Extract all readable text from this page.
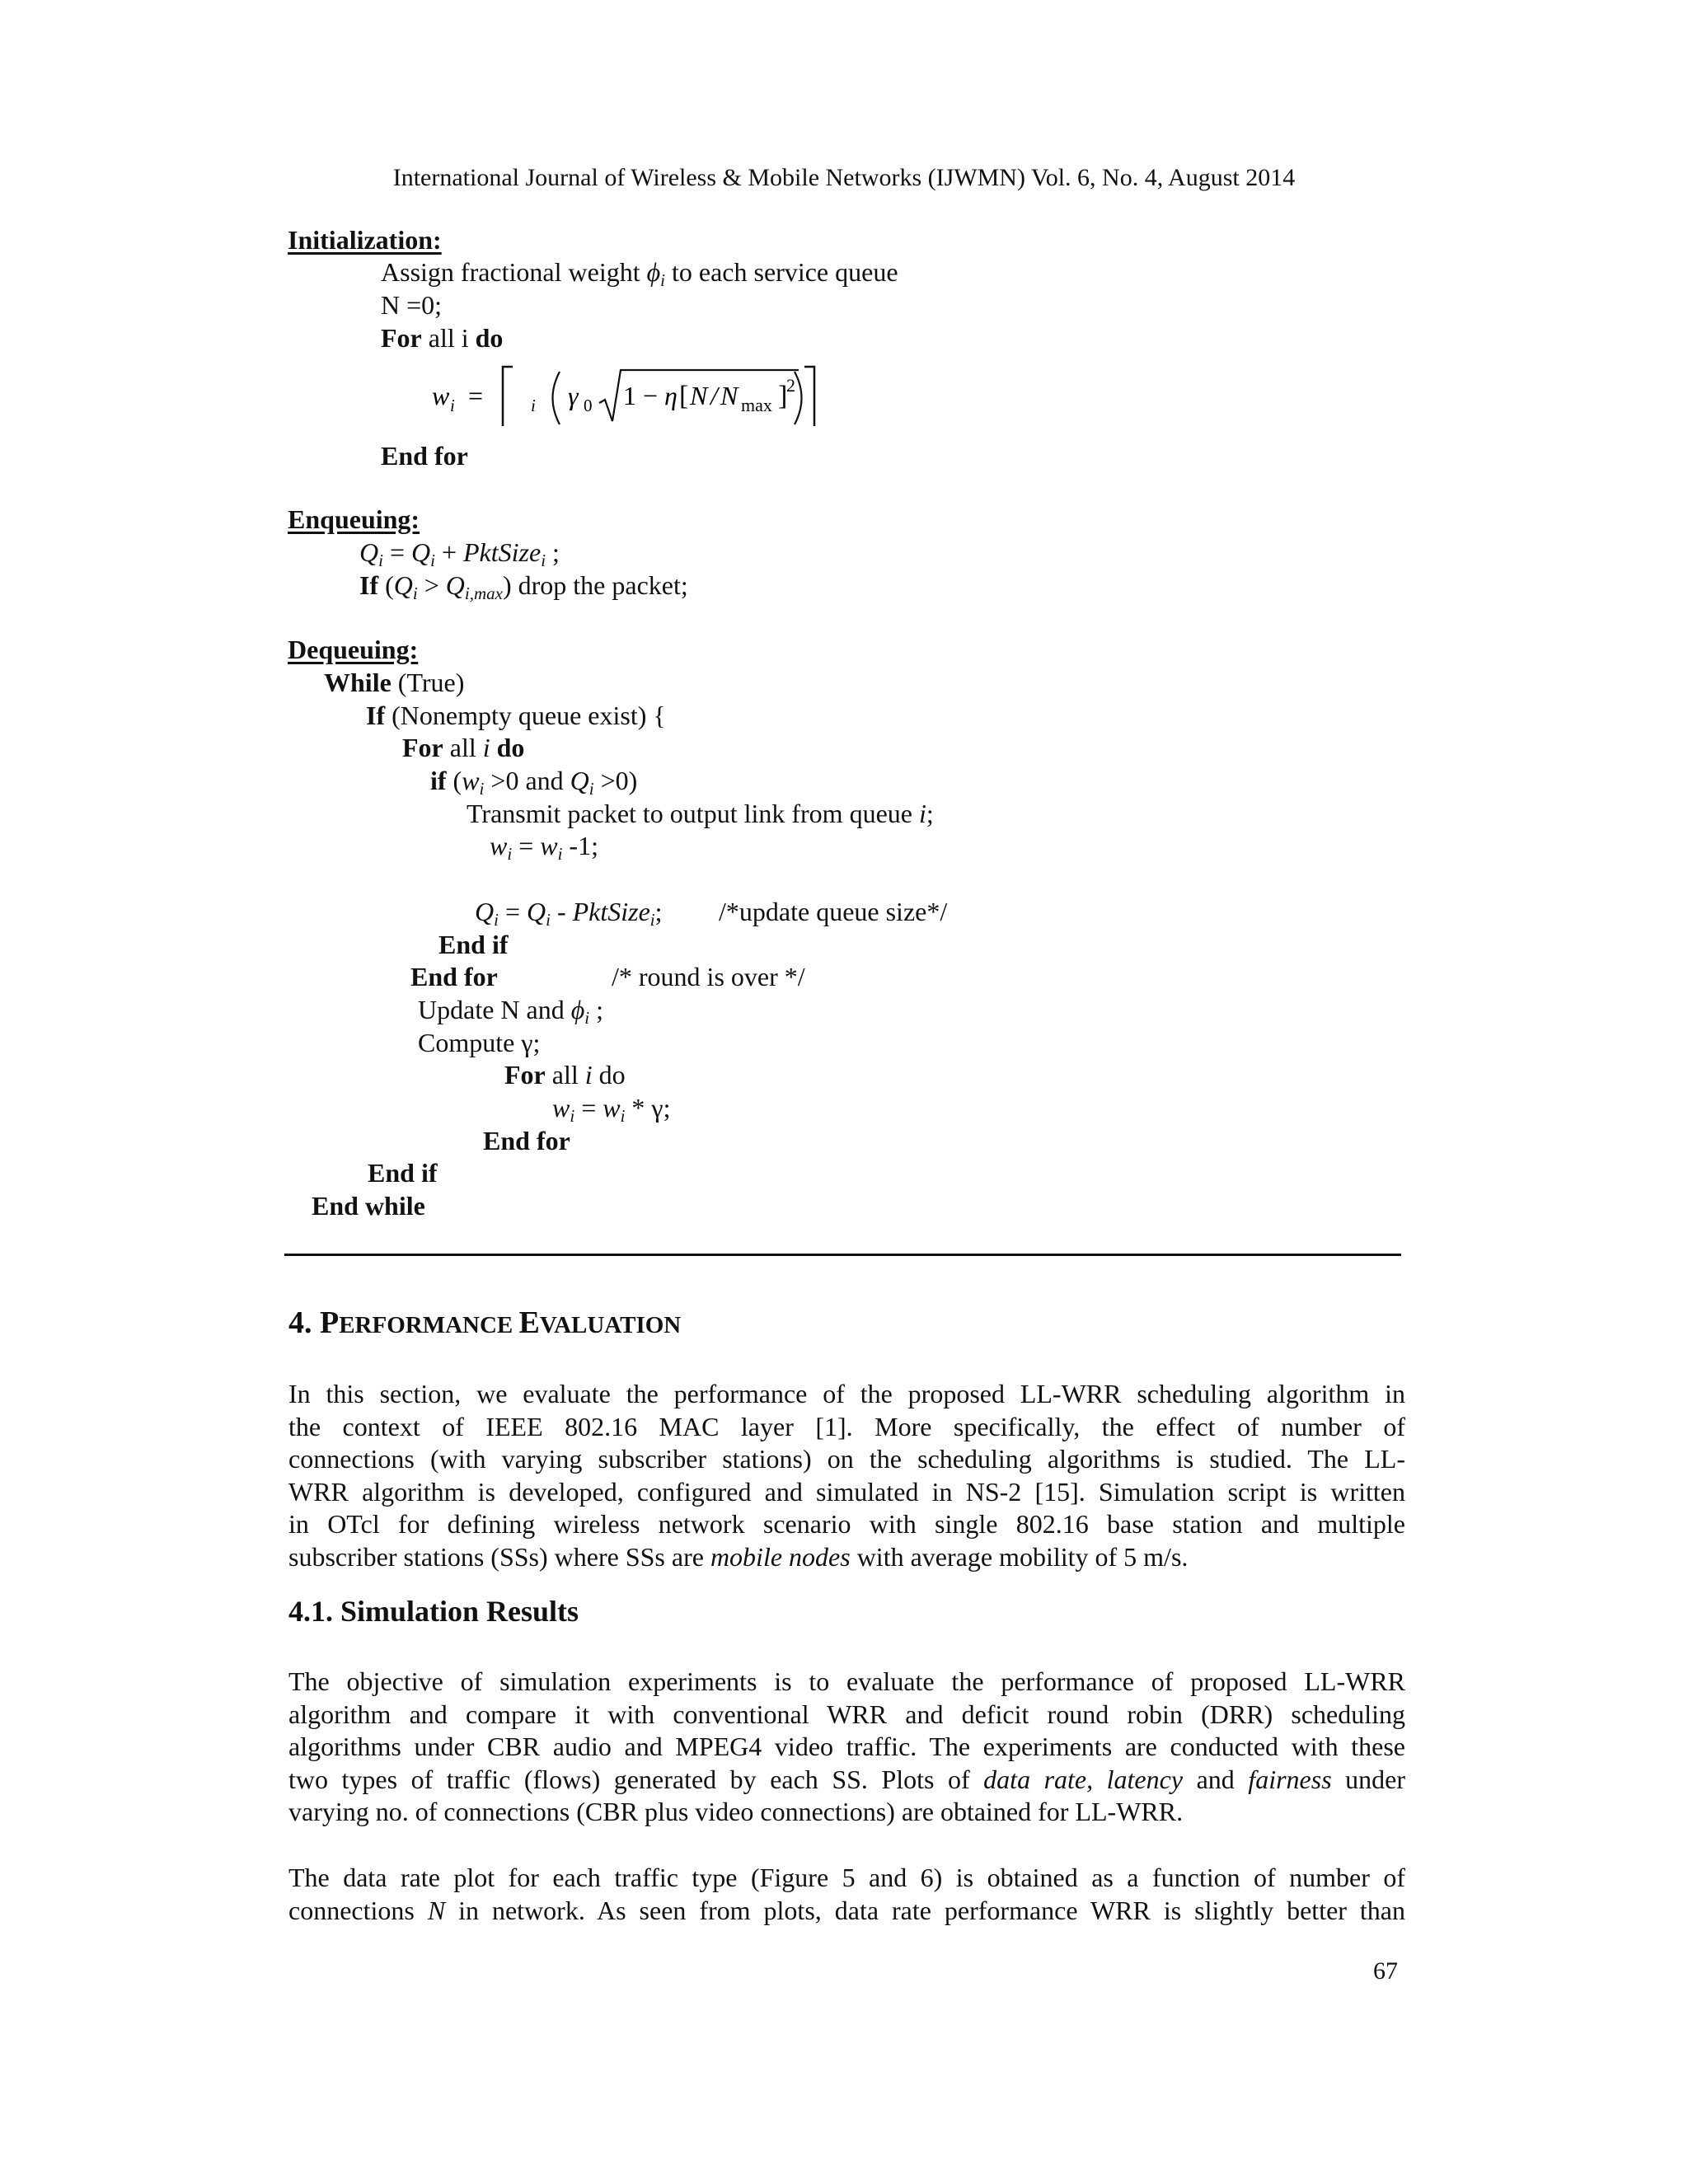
International Journal of Wireless & Mobile Networks (IJWMN) Vol. 6, No. 4, August 2014
Initialization:
Assign fractional weight $\phi_i$ to each service queue
N =0;
For all i do
w i =	i γ 0 1 − η [ N / N max ]
2
End for
Enqueuing:
$Q_i = Q_i$ + PktSize$_i$ ;
If $(Q_i > Q_{i,max})$ drop the packet;
Dequeuing:
While (True)
If (Nonempty queue exist) {
For all i do
if ($w_i >0$ and $Q_i >0$)
Transmit packet to output link from queue i;
$w_i = w_i$ -1;
$Q_i = Q_i$ - PktSize$_i$; /*update queue size*/
End if
End for	/* round is over */
Update N and $\phi_i$ ;
Compute γ;
For all i do
$w_i = w_i * \gamma$;
End for
End if
End while
4. PERFORMANCE EVALUATION
In this section, we evaluate the performance of the proposed LL-WRR scheduling algorithm in
the context of IEEE 802.16 MAC layer [1]. More specifically, the effect of number of
connections (with varying subscriber stations) on the scheduling algorithms is studied. The LL-
WRR algorithm is developed, configured and simulated in NS-2 [15]. Simulation script is written
in OTcl for defining wireless network scenario with single 802.16 base station and multiple
subscriber stations (SSs) where SSs are mobile nodes with average mobility of 5 m/s.
4.1. Simulation Results
The objective of simulation experiments is to evaluate the performance of proposed LL-WRR
algorithm and compare it with conventional WRR and deficit round robin (DRR) scheduling
algorithms under CBR audio and MPEG4 video traffic. The experiments are conducted with these
two types of traffic (flows) generated by each SS. Plots of data rate, latency and fairness under
varying no. of connections (CBR plus video connections) are obtained for LL-WRR.
The data rate plot for each traffic type (Figure 5 and 6) is obtained as a function of number of
connections N in network. As seen from plots, data rate performance WRR is slightly better than
67
